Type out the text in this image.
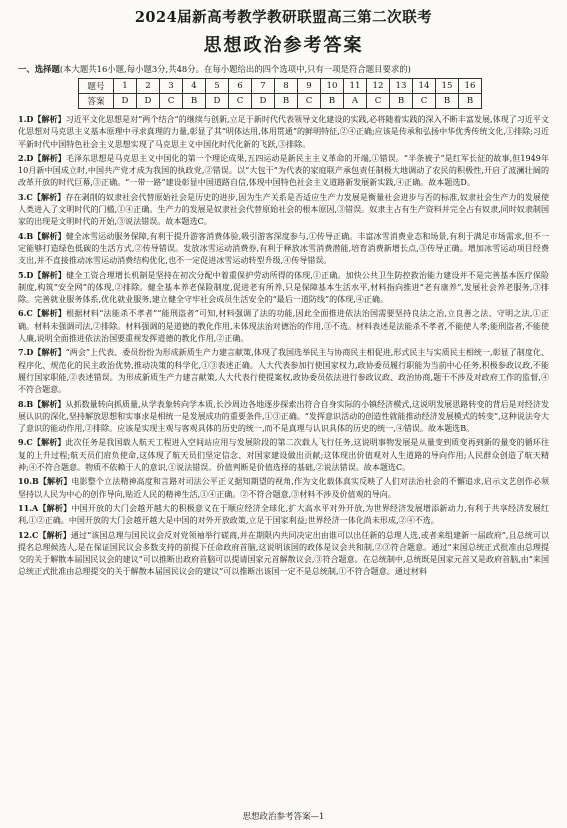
2024届新高考教学教研联盟高三第二次联考
思想政治参考答案
一、选择题(本大题共16小题,每小题3分,共48分。在每小题给出的四个选项中,只有一项是符合题目要求的)
题号	1	2	3	4	5	6	7	8	9	10	11	12	13	14	15	16
答案	D	D	C	B	D	C	D	B	C	B	A	C	B	C	B	B

1.D【解析】习近平文化思想是对“两个结合”的继续与创新,立足于新时代代表领导文化建设的实践,必将随着实践的深入不断丰富发展,体现了习近平文化思想对马克思主义基本原理中寻求真理的力量,彰显了其“明体达用,体用贯通”的鲜明特征,②④正确;应该是传承和弘扬中华优秀传统文化,①排除;习近平新时代中国特色社会主义思想实现了马克思主义中国化时代化新的飞跃,③排除。

2.D【解析】毛泽东思想是马克思主义中国化的第一个理论成果,五四运动是新民主主义革命的开端,①错误。“半条被子”是红军长征的故事,但1949年10月新中国成立时,中国共产党才成为我国的执政党,②错误。以“大包干”为代表的家庭联产承包责任制极大地调动了农民的积极性,开启了波澜壮阔的改革开放的时代巨幕,③正确。“一带一路”建设彰显中国道路自信,体现中国特色社会主义道路新发展新实践,④正确。故本题选D。

3.C【解析】存在剥削的奴隶社会代替原始社会是历史的进步,因为生产关系是否适应生产力发展是衡量社会进步与否的标准,奴隶社会生产力的发展使人类进入了文明时代的门槛,①④正确。生产力的发展是奴隶社会代替原始社会的根本原因,③错误。奴隶主占有生产资料并完全占有奴隶,同时奴隶制国家的出现是文明时代的开始,③说法错误。故本题选C。

4.B【解析】健全冰雪运动服务保障,有利于提升游客消费体验,吸引游客深度参与,①传导正确。丰富冰雪消费业态和场景,有利于满足市场需求,但不一定能够打造绿色低碳的生活方式,②传导错误。发放冰雪运动消费券,有利于释放冰雪消费潜能,培育消费新增长点,③传导正确。增加冰雪运动项目经费支出,并不直接推动冰雪运动消费结构优化,也不一定促进冰雪运动转型升级,④传导错误。

5.D【解析】健全工资合理增长机制是坚持在初次分配中着重保护劳动所得的体现,①正确。加快公共卫生防控救治能力建设并不是完善基本医疗保险制度,构筑“安全网”的体现,②排除。健全基本养老保险制度,促进老有所养,只是保障基本生活水平,材料指向推进“老有康养”,发展社会养老服务,③排除。完善就业服务体系,优化就业服务,建立健全守牢社会成员生活安全的“最后一道防线”的体现,④正确。

6.C【解析】根据材料“法能杀不孝者”“能刑盗者”可知,材料强调了法的功能,因此全面推进依法治国需要坚持良法之治,立良善之法、守明之法,①正确。材料未强调司法,②排除。材料强调的是道德的教化作用,未体现法治对德治的作用,③不选。材料表述是法能杀不孝者,不能使人孝;能刑盗者,不能使人廉,说明全面推进依法治国要重视发挥道德的教化作用,②正确。

7.D【解析】“两会”上代表、委员纷纷为形成新质生产力建言献策,体现了我国选举民主与协商民主相促进,形式民主与实质民主相统一,彰显了制度化、程序化、规范化的民主政治优势,推动决策的科学化,①③表述正确。人大代表参加行使国家权力,政协委员履行职能为当前中心任务,积极参政议政,不能履行国家职能,②表述错误。为形成新质生产力建言献策,人大代表行使提案权,政协委员依法进行参政议政、政治协商,题干不涉及对政府工作的监督,④不符合题意。

8.B【解析】从抓数量转向抓质量,从学表象转向学本质,长沙周边各地逐步探索出符合自身实际的小镇经济模式,这说明发展思路转变的背后是对经济发展认识的深化,坚持解放思想和实事求是相统一是发展成功的重要条件,①③正确。“发挥意识活动的创造性就能推动经济发展模式的转变”,这种说法夸大了意识的能动作用,②排除。应该是实现主观与客观具体的历史的统一,而不是真理与认识具体的历史的统一,④错误。故本题选B。

9.C【解析】此次任务是我国载人航天工程进入空间站应用与发展阶段的第二次载人飞行任务,这说明事物发展是从量变到质变再到新的量变的循环往复的上升过程;航天员们肩负使命,这体现了航天员们坚定信念、对国家建设做出贡献;这体现出价值观对人生道路的导向作用;人民群众创造了航天精神;④不符合题意。物质不依赖于人的意识,①说法错误。价值判断是价值选择的基础,②说法错误。故本题选C。

10.B【解析】电影整个立法精神高度和言路对司法公平正义据知期望的视角,作为文化载体真实反映了人们对法治社会的不懈追求,启示文艺创作必须坚持以人民为中心的创作导向,贴近人民的精神生活,①④正确。②不符合题意,③材料不涉及价值观的导向。

11.A【解析】中国开放的大门会越开越大的积极意义在于顺应经济全球化,扩大高水平对外开放,为世界经济发展增添新动力,有利于共享经济发展红利,①②正确。中国开放的大门会越开越大是中国的对外开放政策,立足于国家利益;世界经济一体化尚未形成,②④不选。

12.C【解析】通过“该国总理与国民议会反对党领袖举行磋商,并在期限内共同决定出由谁可以出任新的总理人选,或者来组建新一届政府”,且总统可以提名总理候选人,是在保证国民议会多数支持的前提下任命政府首脑,这说明该国的政体是议会共和制,②③符合题意。通过“来国总统正式批准由总理提交的关于解散本届国民议会的建议”可以推断出政府首脑可以提请国家元首解散议会,③符合题意。在总统制中,总统既是国家元首又是政府首脑,由“来国总统正式批准由总理提交的关于解散本届国民议会的建议”可以推断出该国一定不是总统制,①不符合题意。通过材料

思想政治参考答案—1
